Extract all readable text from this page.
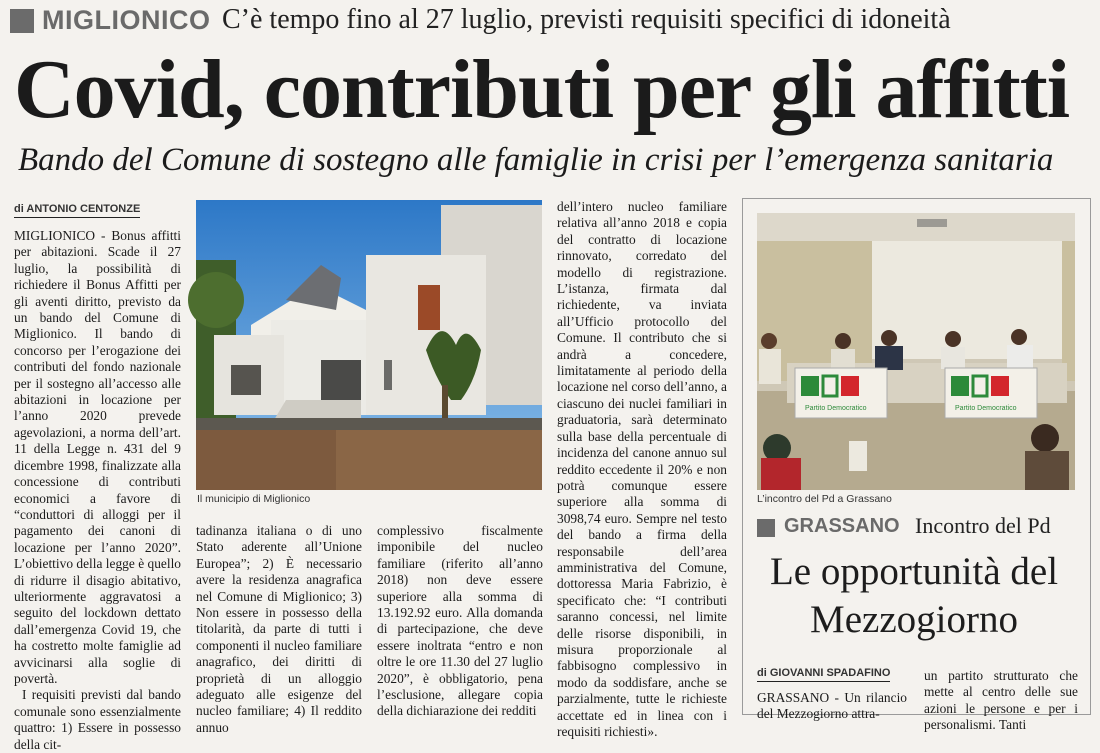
MIGLIONICO C’è tempo fino al 27 luglio, previsti requisiti specifici di idoneità
Covid, contributi per gli affitti
Bando del Comune di sostegno alle famiglie in crisi per l’emergenza sanitaria
di ANTONIO CENTONZE

MIGLIONICO - Bonus affitti per abitazioni. Scade il 27 luglio, la possibilità di richiedere il Bonus Affitti per gli aventi diritto, previsto da un bando del Comune di Miglionico. Il bando di concorso per l’erogazione dei contributi del fondo nazionale per il sostegno all’accesso alle abitazioni in locazione per l’anno 2020 prevede agevolazioni, a norma dell’art. 11 della Legge n. 431 del 9 dicembre 1998, finalizzate alla concessione di contributi economici a favore di “conduttori di alloggi per il pagamento dei canoni di locazione per l’anno 2020”. L’obiettivo della legge è quello di ridurre il disagio abitativo, ulteriormente aggravatosi a seguito del lockdown dettato dall’emergenza Covid 19, che ha costretto molte famiglie ad avvicinarsi alla soglie di povertà.

I requisiti previsti dal bando comunale sono essenzialmente quattro: 1) Essere in possesso della cit-

Il municipio di Miglionico

tadinanza italiana o di uno Stato aderente all’Unione Europea”; 2) È necessario avere la residenza anagrafica nel Comune di Miglionico; 3) Non essere in possesso della titolarità, da parte di tutti i componenti il nucleo familiare anagrafico, dei diritti di proprietà di un alloggio adeguato alle esigenze del nucleo familiare; 4) Il reddito annuo

complessivo fiscalmente imponibile del nucleo familiare (riferito all’anno 2018) non deve essere superiore alla somma di 13.192.92 euro. Alla domanda di partecipazione, che deve essere inoltrata “entro e non oltre le ore 11.30 del 27 luglio 2020”, è obbligatorio, pena l’esclusione, allegare copia della dichiarazione dei redditi

dell’intero nucleo familiare relativa all’anno 2018 e copia del contratto di locazione rinnovato, corredato del modello di registrazione. L’istanza, firmata dal richiedente, va inviata all’Ufficio protocollo del Comune. Il contributo che si andrà a concedere, limitatamente al periodo della locazione nel corso dell’anno, a ciascuno dei nuclei familiari in graduatoria, sarà determinato sulla base della percentuale di incidenza del canone annuo sul reddito eccedente il 20% e non potrà comunque essere superiore alla somma di 3098,74 euro. Sempre nel testo del bando a firma della responsabile dell’area amministrativa del Comune, dottoressa Maria Fabrizio, è specificato che: “I contributi saranno concessi, nel limite delle risorse disponibili, in misura proporzionale al fabbisogno complessivo in modo da soddisfare, anche se parzialmente, tutte le richieste accettate ed in linea con i requisiti richiesti».

Partito Democratico	Partito Democratico
L’incontro del Pd a Grassano
GRASSANO Incontro del Pd
Le opportunità del Mezzogiorno
di GIOVANNI SPADAFINO

GRASSANO - Un rilancio del Mezzogiorno attra-

un partito strutturato che mette al centro delle sue azioni le persone e per i personalismi. Tanti
